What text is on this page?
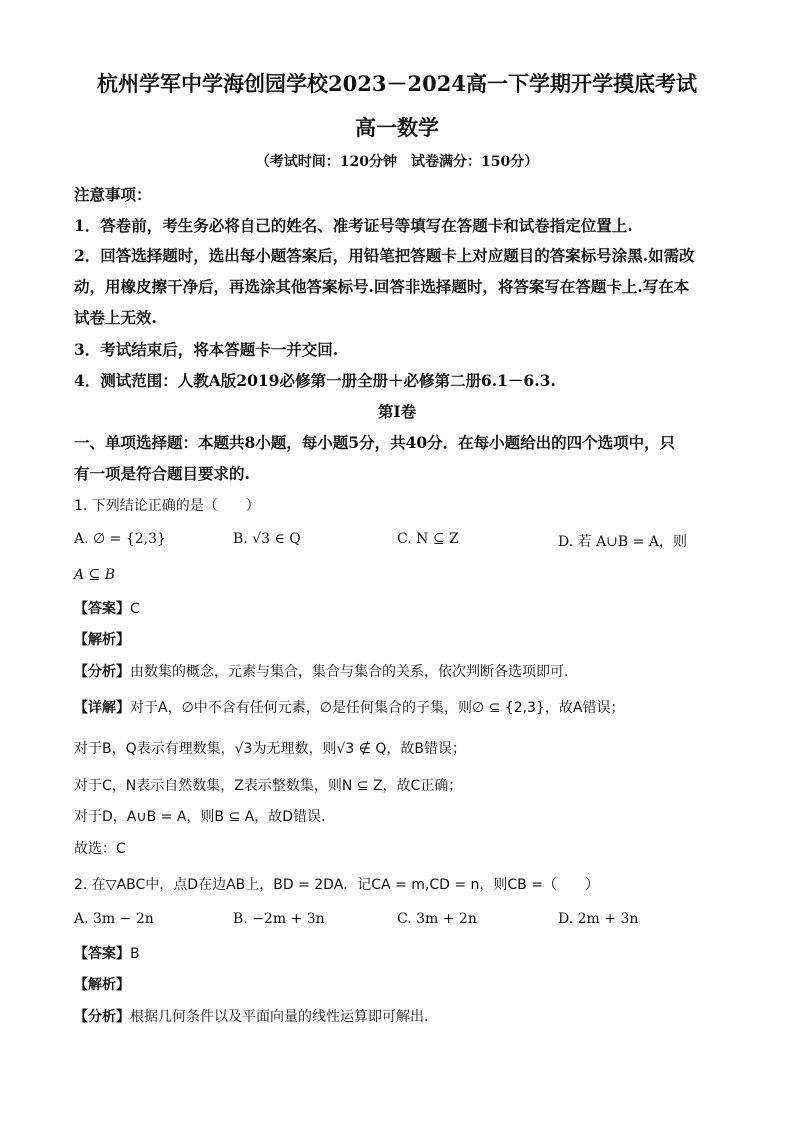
杭州学军中学海创园学校2023－2024高一下学期开学摸底考试
高一数学
（考试时间：120分钟　试卷满分：150分）
注意事项：
1．答卷前，考生务必将自己的姓名、准考证号等填写在答题卡和试卷指定位置上.
2．回答选择题时，选出每小题答案后，用铅笔把答题卡上对应题目的答案标号涂黑.如需改
动，用橡皮擦干净后，再选涂其他答案标号.回答非选择题时，将答案写在答题卡上.写在本
试卷上无效.
3．考试结束后，将本答题卡一并交回.
4．测试范围：人教A版2019必修第一册全册＋必修第二册6.1－6.3.
第Ⅰ卷
一、单项选择题：本题共8小题，每小题5分，共40分．在每小题给出的四个选项中，只
有一项是符合题目要求的.
1. 下列结论正确的是（　　）
A. ∅ = {2,3}	B. √3 ∈ Q	C. N ⊆ Z	D. 若 A∪B = A，则
A ⊆ B
【答案】C
【解析】
【分析】由数集的概念，元素与集合，集合与集合的关系，依次判断各选项即可.
【详解】对于A，∅中不含有任何元素，∅是任何集合的子集，则∅ ⊆ {2,3}，故A错误；
对于B，Q表示有理数集，√3为无理数，则√3 ∉ Q，故B错误；
对于C，N表示自然数集，Z表示整数集，则N ⊆ Z，故C正确；
对于D，A∪B = A，则B ⊆ A，故D错误.
故选：C
2. 在▽ABC中，点D在边AB上，BD = 2DA．记CA = m,CD = n，则CB =（　　）
A. 3m − 2n	B. −2m + 3n	C. 3m + 2n	D. 2m + 3n
【答案】B
【解析】
【分析】根据几何条件以及平面向量的线性运算即可解出.
